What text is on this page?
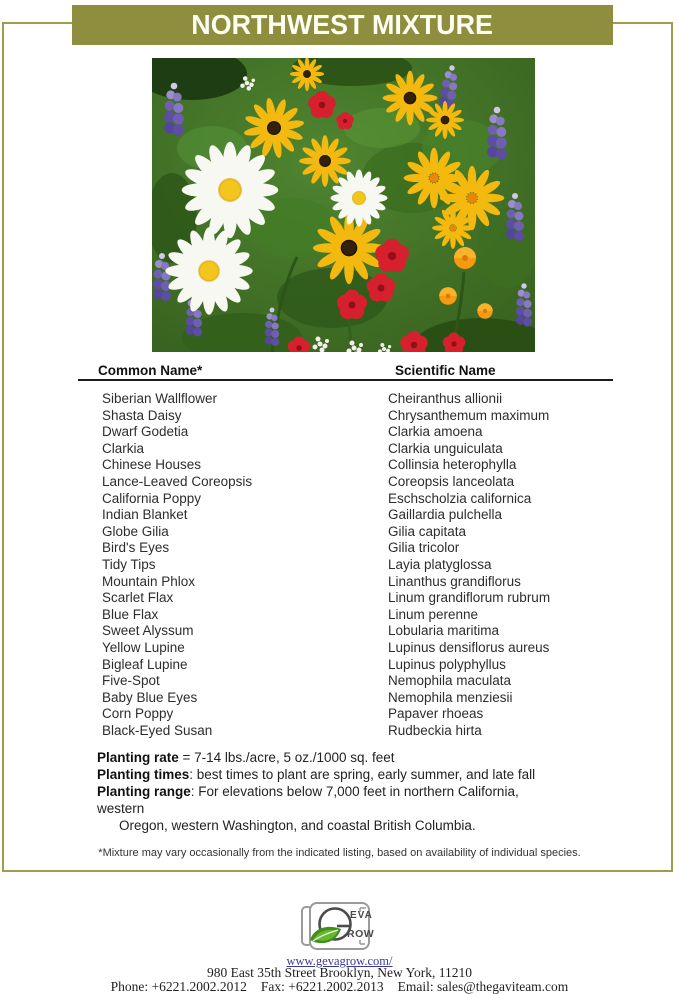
NORTHWEST MIXTURE
Common Name*	Scientific Name
Siberian Wallflower	Cheiranthus allionii
Shasta Daisy	Chrysanthemum maximum
Dwarf Godetia	Clarkia amoena
Clarkia	Clarkia unguiculata
Chinese Houses	Collinsia heterophylla
Lance-Leaved Coreopsis	Coreopsis lanceolata
California Poppy	Eschscholzia californica
Indian Blanket	Gaillardia pulchella
Globe Gilia	Gilia capitata
Bird's Eyes	Gilia tricolor
Tidy Tips	Layia platyglossa
Mountain Phlox	Linanthus grandiflorus
Scarlet Flax	Linum grandiflorum rubrum
Blue Flax	Linum perenne
Sweet Alyssum	Lobularia maritima
Yellow Lupine	Lupinus densiflorus aureus
Bigleaf Lupine	Lupinus polyphyllus
Five-Spot	Nemophila maculata
Baby Blue Eyes	Nemophila menziesii
Corn Poppy	Papaver rhoeas
Black-Eyed Susan	Rudbeckia hirta
Planting rate = 7-14 lbs./acre, 5 oz./1000 sq. feet
Planting times: best times to plant are spring, early summer, and late fall
Planting range: For elevations below 7,000 feet in northern California,
western
Oregon, western Washington, and coastal British Columbia.
*Mixture may vary occasionally from the indicated listing, based on availability of individual species.
EVA
ROW
www.gevagrow.com/
980 East 35th Street Brooklyn, New York, 11210
Phone: +6221.2002.2012 Fax: +6221.2002.2013 Email: sales@thegaviteam.com
